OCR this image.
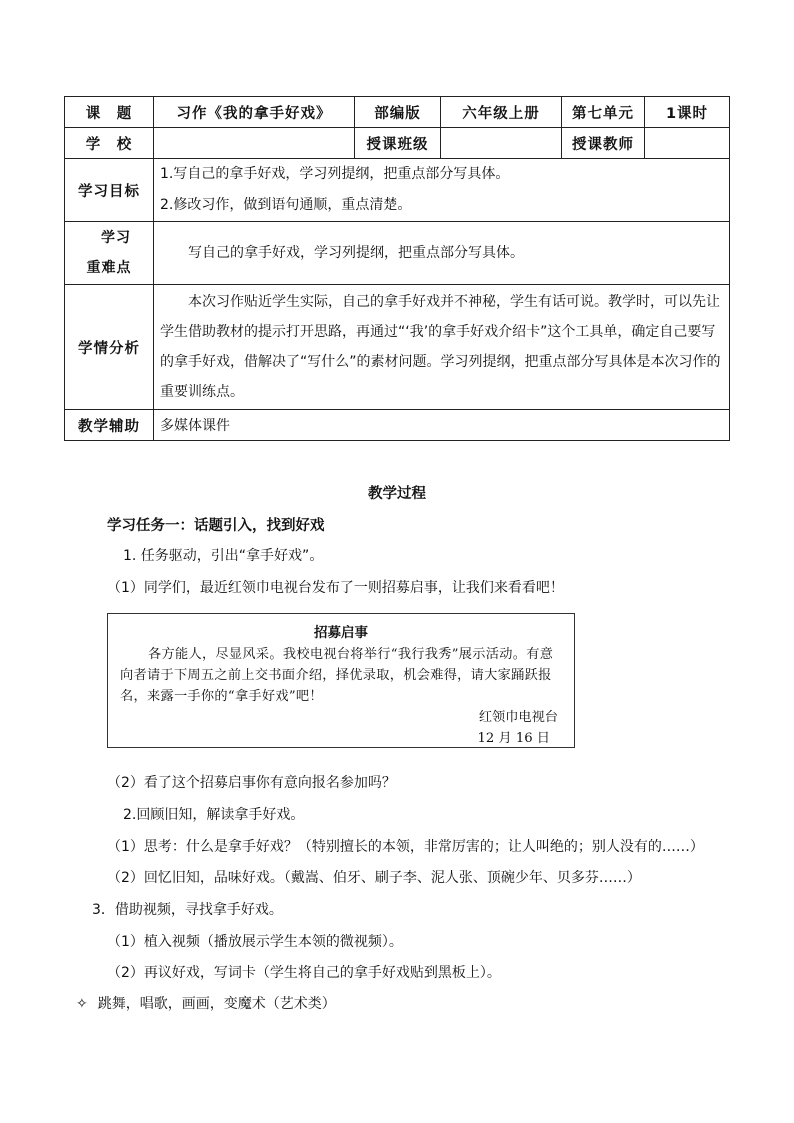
课　题	习作《我的拿手好戏》	部编版	六年级上册	第七单元	1课时
学　校		授课班级		授课教师	
学习目标	1.写自己的拿手好戏，学习列提纲，把重点部分写具体。
2.修改习作，做到语句通顺，重点清楚。				

学习
重难点	写自己的拿手好戏，学习列提纲，把重点部分写具体。				

学情分析	本次习作贴近学生实际，自己的拿手好戏并不神秘，学生有话可说。教学时，可以先让学生借助教材的提示打开思路，再通过“‘我’的拿手好戏介绍卡”这个工具单，确定自己要写的拿手好戏，借解决了“写什么”的素材问题。学习列提纲，把重点部分写具体是本次习作的重要训练点。				

教学辅助	多媒体课件				
教学过程
学习任务一：话题引入，找到好戏
1. 任务驱动，引出“拿手好戏”。
（1）同学们，最近红领巾电视台发布了一则招募启事，让我们来看看吧！
招募启事
各方能人，尽显风采。我校电视台将举行“我行我秀”展示活动。有意向者请于下周五之前上交书面介绍，择优录取，机会难得，请大家踊跃报名，来露一手你的“拿手好戏”吧！
红领巾电视台
12 月 16 日
（2）看了这个招募启事你有意向报名参加吗？
2.回顾旧知，解读拿手好戏。
（1）思考：什么是拿手好戏？（特别擅长的本领，非常厉害的；让人叫绝的；别人没有的……）
（2）回忆旧知，品味好戏。（戴嵩、伯牙、刷子李、泥人张、顶碗少年、贝多芬……）
3．借助视频，寻找拿手好戏。
（1）植入视频（播放展示学生本领的微视频）。
（2）再议好戏，写词卡（学生将自己的拿手好戏贴到黑板上）。
✧ 跳舞，唱歌，画画，变魔术（艺术类）
